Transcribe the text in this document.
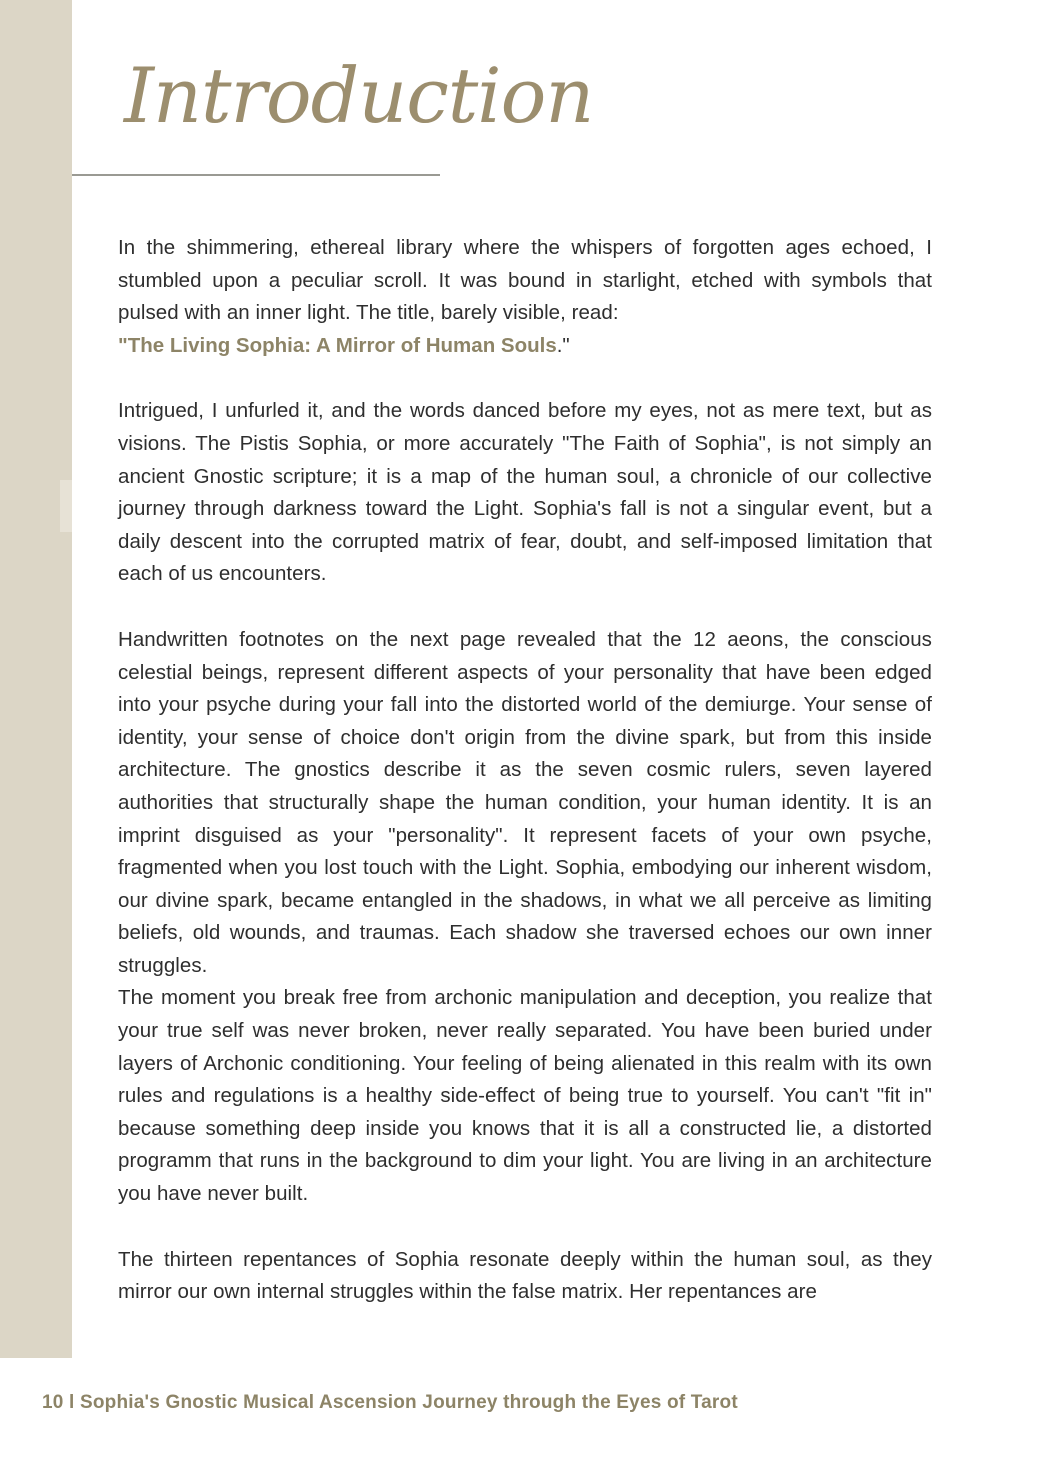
Introduction

In the shimmering, ethereal library where the whispers of forgotten ages echoed, I stumbled upon a peculiar scroll. It was bound in starlight, etched with symbols that pulsed with an inner light. The title, barely visible, read:

"The Living Sophia: A Mirror of Human Souls."

Intrigued, I unfurled it, and the words danced before my eyes, not as mere text, but as visions. The Pistis Sophia, or more accurately "The Faith of Sophia", is not simply an ancient Gnostic scripture; it is a map of the human soul, a chronicle of our collective journey through darkness toward the Light. Sophia's fall is not a singular event, but a daily descent into the corrupted matrix of fear, doubt, and self-imposed limitation that each of us encounters.

Handwritten footnotes on the next page revealed that the 12 aeons, the conscious celestial beings, represent different aspects of your personality that have been edged into your psyche during your fall into the distorted world of the demiurge. Your sense of identity, your sense of choice don't origin from the divine spark, but from this inside architecture. The gnostics describe it as the seven cosmic rulers, seven layered authorities that structurally shape the human condition, your human identity. It is an imprint disguised as your "personality". It represent facets of your own psyche, fragmented when you lost touch with the Light. Sophia, embodying our inherent wisdom, our divine spark, became entangled in the shadows, in what we all perceive as limiting beliefs, old wounds, and traumas. Each shadow she traversed echoes our own inner struggles.

The moment you break free from archonic manipulation and deception, you realize that your true self was never broken, never really separated. You have been buried under layers of Archonic conditioning. Your feeling of being alienated in this realm with its own rules and regulations is a healthy side-effect of being true to yourself. You can't "fit in" because something deep inside you knows that it is all a constructed lie, a distorted programm that runs in the background to dim your light. You are living in an architecture you have never built.

The thirteen repentances of Sophia resonate deeply within the human soul, as they mirror our own internal struggles within the false matrix. Her repentances are

10 l Sophia's Gnostic Musical Ascension Journey through the Eyes of Tarot
